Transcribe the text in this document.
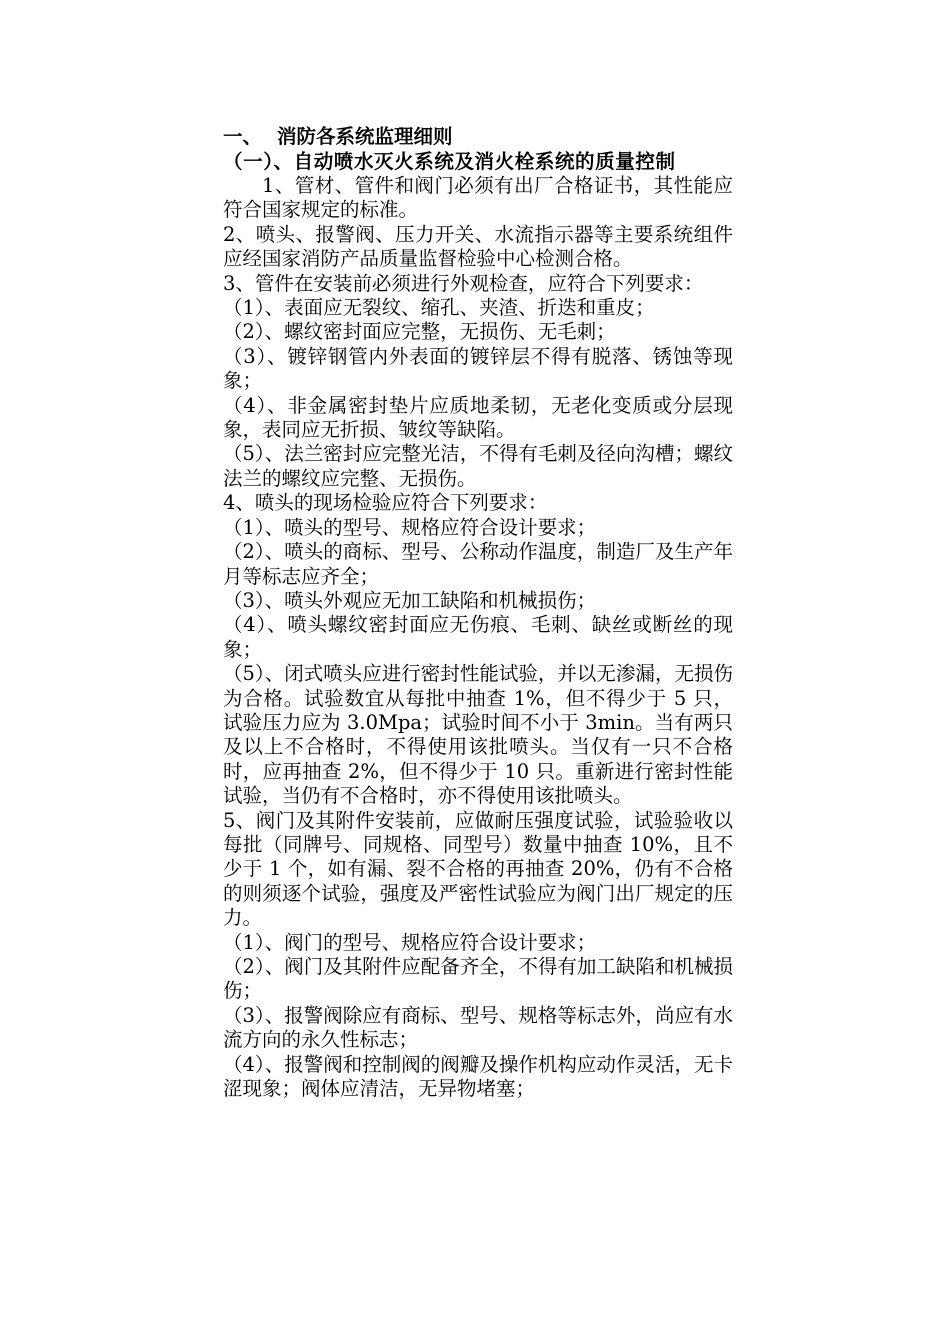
一、 消防各系统监理细则

（一）、自动喷水灭火系统及消火栓系统的质量控制

1、管材、管件和阀门必须有出厂合格证书，其性能应符合国家规定的标准。

2、喷头、报警阀、压力开关、水流指示器等主要系统组件应经国家消防产品质量监督检验中心检测合格。

3、管件在安装前必须进行外观检查，应符合下列要求：

（1）、表面应无裂纹、缩孔、夹渣、折迭和重皮；

（2）、螺纹密封面应完整，无损伤、无毛刺；

（3）、镀锌钢管内外表面的镀锌层不得有脱落、锈蚀等现象；

（4）、非金属密封垫片应质地柔韧，无老化变质或分层现象，表同应无折损、皱纹等缺陷。

（5）、法兰密封应完整光洁，不得有毛刺及径向沟槽；螺纹法兰的螺纹应完整、无损伤。

4、喷头的现场检验应符合下列要求：

（1）、喷头的型号、规格应符合设计要求；

（2）、喷头的商标、型号、公称动作温度，制造厂及生产年月等标志应齐全；

（3）、喷头外观应无加工缺陷和机械损伤；

（4）、喷头螺纹密封面应无伤痕、毛刺、缺丝或断丝的现象；

（5）、闭式喷头应进行密封性能试验，并以无渗漏，无损伤为合格。试验数宜从每批中抽查 1%，但不得少于 5 只，试验压力应为 3.0Mpa；试验时间不小于 3min。当有两只及以上不合格时，不得使用该批喷头。当仅有一只不合格时，应再抽查 2%，但不得少于 10 只。重新进行密封性能试验，当仍有不合格时，亦不得使用该批喷头。

5、阀门及其附件安装前，应做耐压强度试验，试验验收以每批（同牌号、同规格、同型号）数量中抽查 10%，且不少于 1 个，如有漏、裂不合格的再抽查 20%，仍有不合格的则须逐个试验，强度及严密性试验应为阀门出厂规定的压力。

（1）、阀门的型号、规格应符合设计要求；

（2）、阀门及其附件应配备齐全，不得有加工缺陷和机械损伤；

（3）、报警阀除应有商标、型号、规格等标志外，尚应有水流方向的永久性标志；

（4）、报警阀和控制阀的阀瓣及操作机构应动作灵活，无卡涩现象；阀体应清洁，无异物堵塞；
